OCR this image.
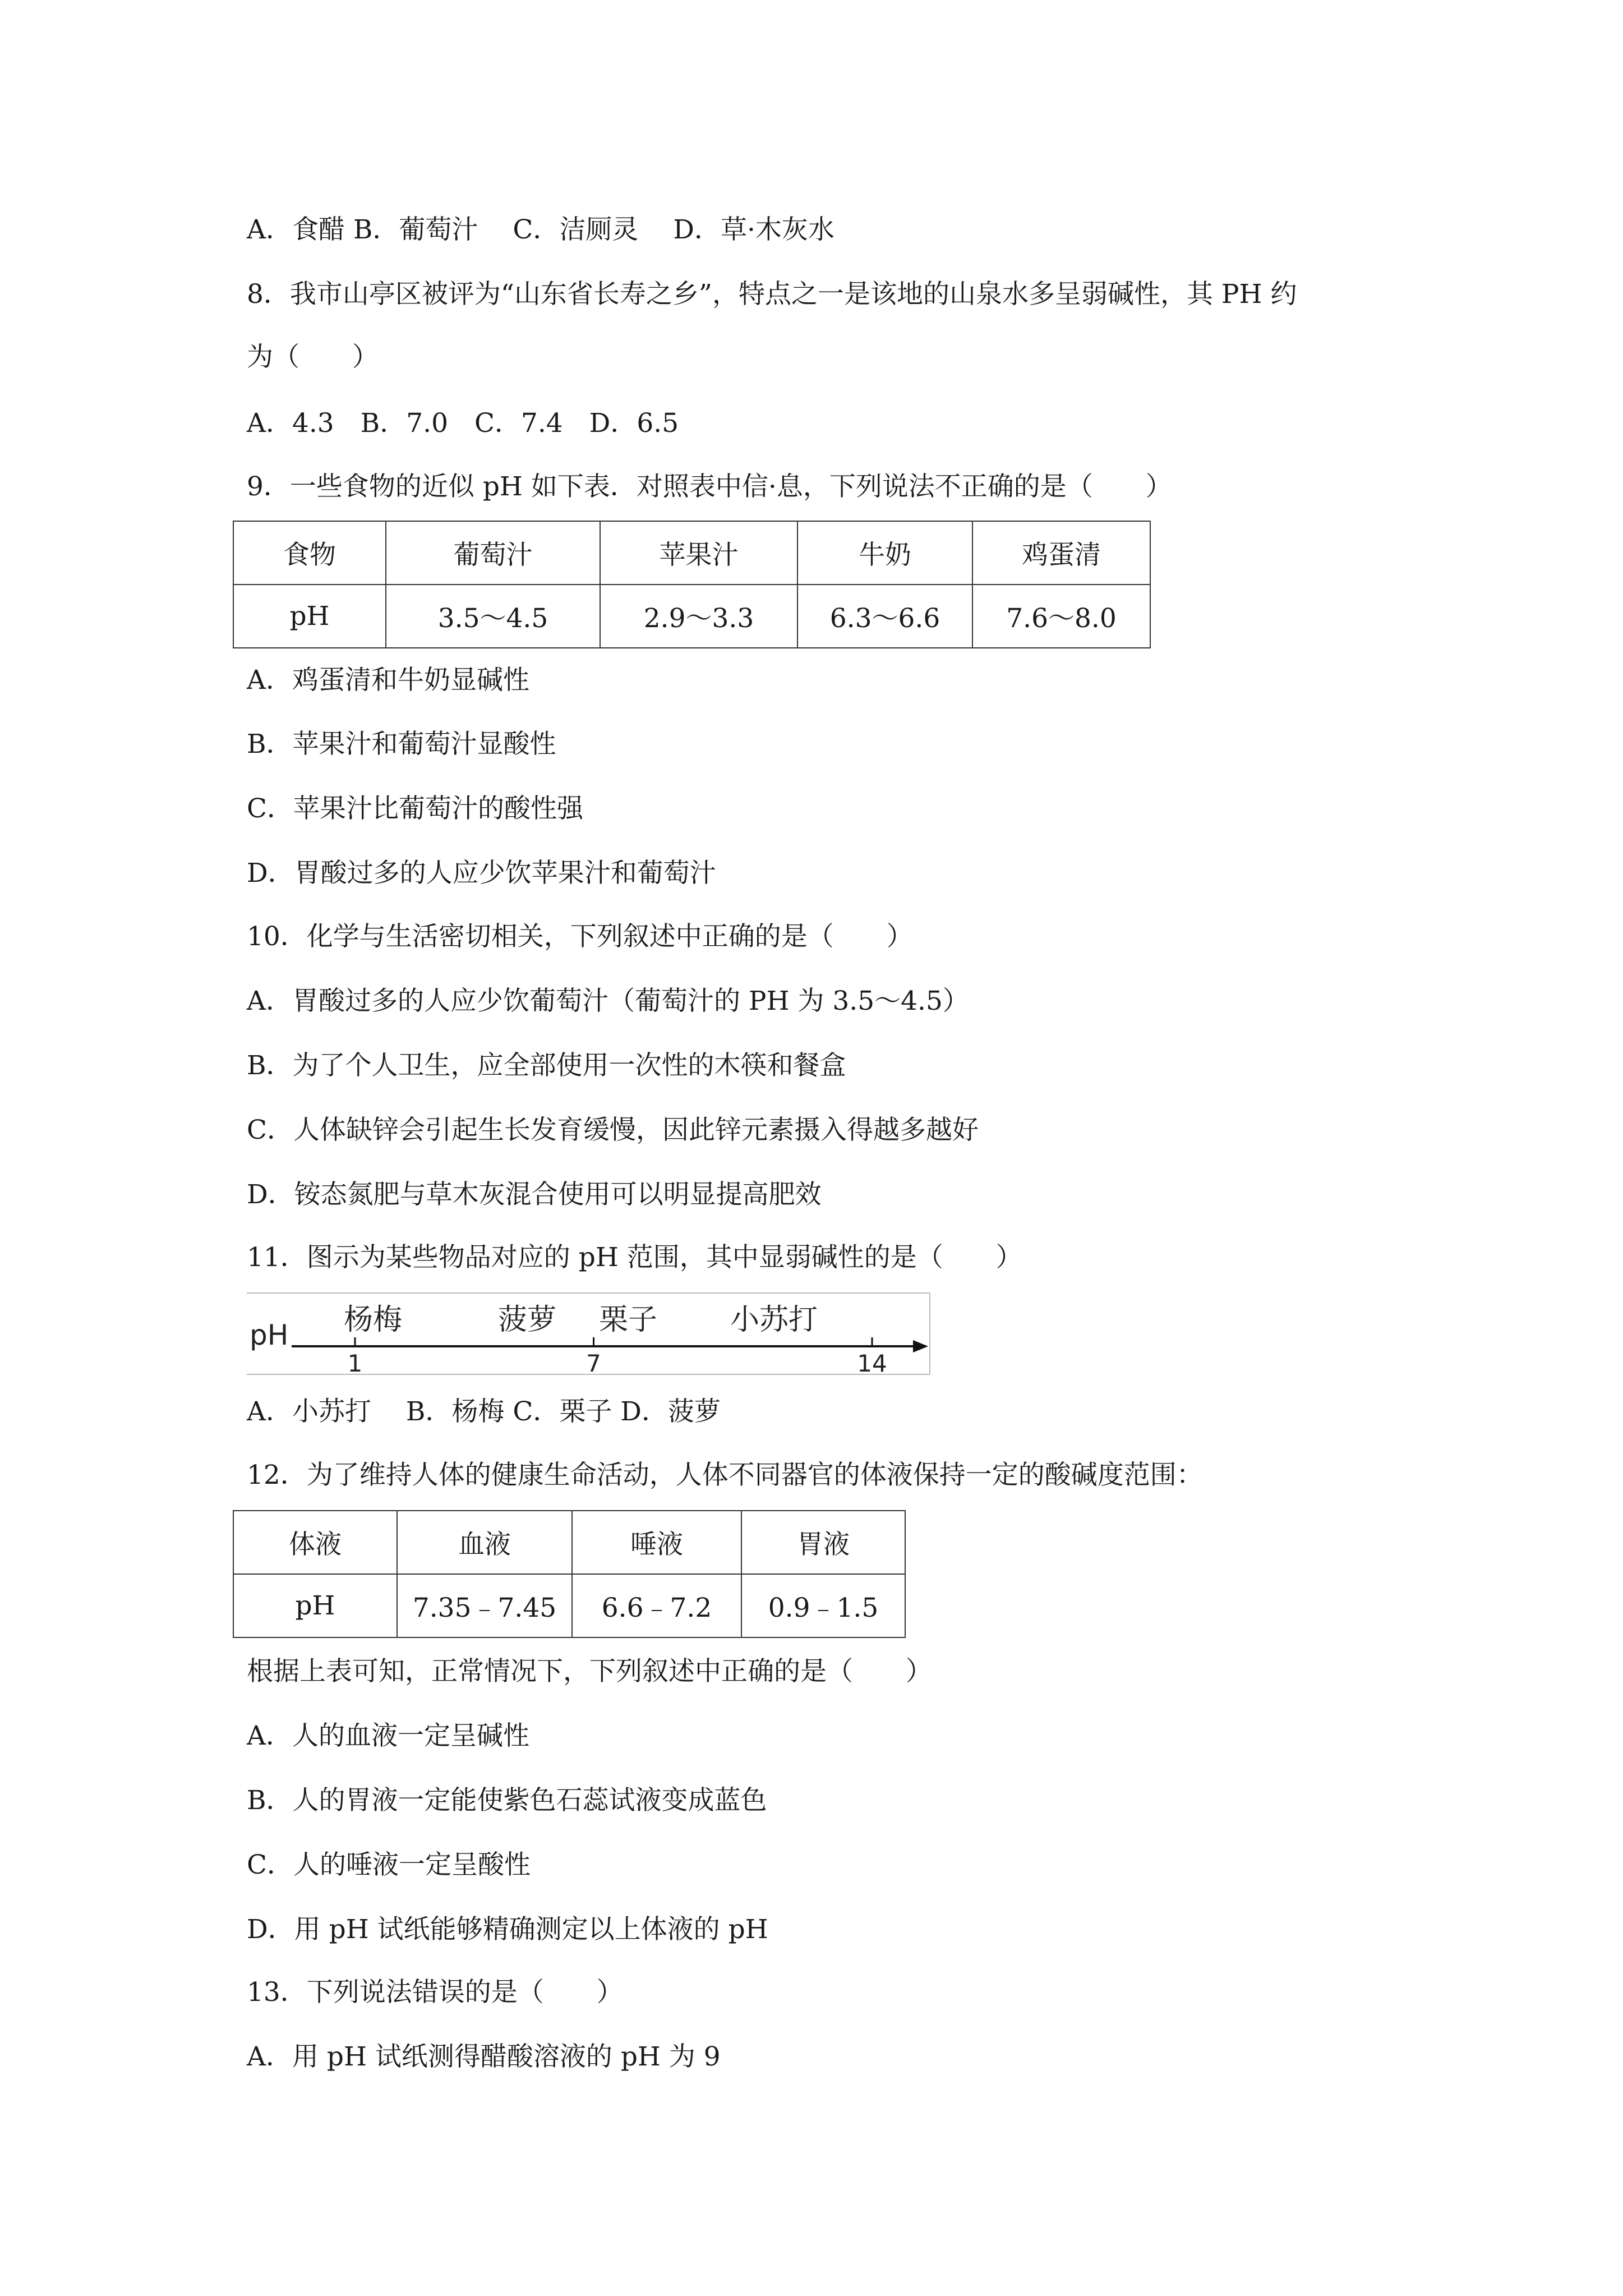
A．食醋 B．葡萄汁　 C．洁厕灵　 D．草·木灰水
8．我市山亭区被评为“山东省长寿之乡”，特点之一是该地的山泉水多呈弱碱性，其 PH 约
为（　　）
A．4.3　B．7.0　C．7.4　D．6.5
9．一些食物的近似 pH 如下表．对照表中信·息，下列说法不正确的是（　　）
食物	葡萄汁	苹果汁	牛奶	鸡蛋清
pH	3.5～4.5	2.9～3.3	6.3～6.6	7.6～8.0
A．鸡蛋清和牛奶显碱性
B．苹果汁和葡萄汁显酸性
C．苹果汁比葡萄汁的酸性强
D．胃酸过多的人应少饮苹果汁和葡萄汁
10．化学与生活密切相关，下列叙述中正确的是（　　）
A．胃酸过多的人应少饮葡萄汁（葡萄汁的 PH 为 3.5～4.5）
B．为了个人卫生，应全部使用一次性的木筷和餐盒
C．人体缺锌会引起生长发育缓慢，因此锌元素摄入得越多越好
D．铵态氮肥与草木灰混合使用可以明显提高肥效
11．图示为某些物品对应的 pH 范围，其中显弱碱性的是（　　）
pH
1	7	14
杨梅	菠萝 栗子 小苏打
A．小苏打　 B．杨梅 C．栗子 D．菠萝
12．为了维持人体的健康生命活动，人体不同器官的体液保持一定的酸碱度范围：
体液	血液	唾液	胃液
pH	7.35﹣7.45	6.6﹣7.2	0.9﹣1.5
根据上表可知，正常情况下，下列叙述中正确的是（　　）
A．人的血液一定呈碱性
B．人的胃液一定能使紫色石蕊试液变成蓝色
C．人的唾液一定呈酸性
D．用 pH 试纸能够精确测定以上体液的 pH
13．下列说法错误的是（　　）
A．用 pH 试纸测得醋酸溶液的 pH 为 9
